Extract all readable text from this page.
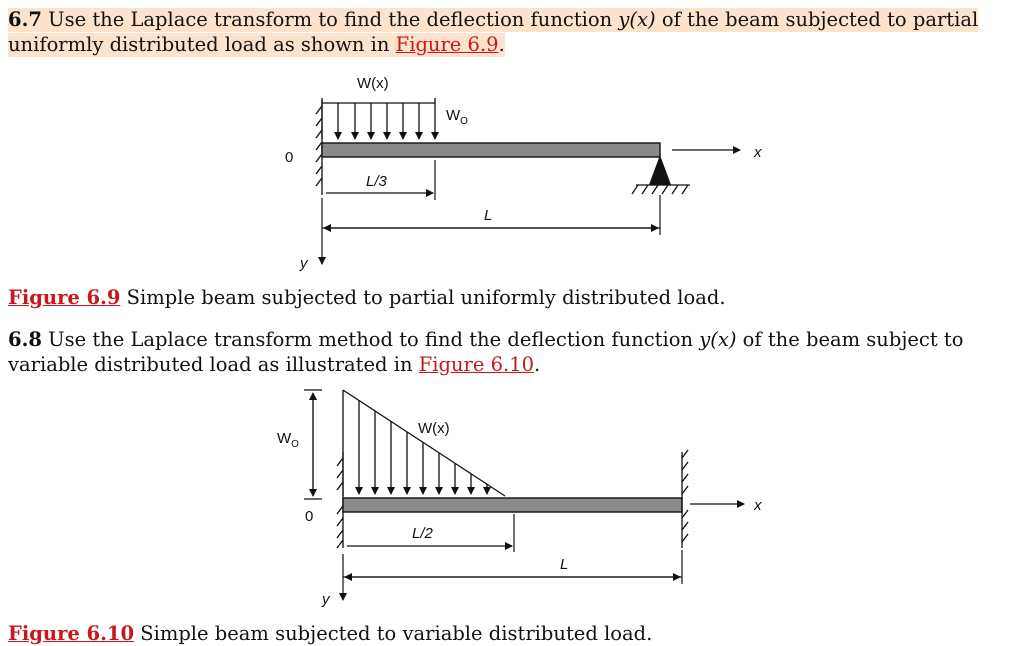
6.7 Use the Laplace transform to find the deflection function y(x) of the beam subjected to partial

uniformly distributed load as shown in Figure 6.9.

W(x)
$W_O$
0	x
L/3
L
y

Figure 6.9 Simple beam subjected to partial uniformly distributed load.

6.8 Use the Laplace transform method to find the deflection function y(x) of the beam subject to

variable distributed load as illustrated in Figure 6.10.

$W_O$
W(x)
0
x
L/2
L
y

Figure 6.10 Simple beam subjected to variable distributed load.
